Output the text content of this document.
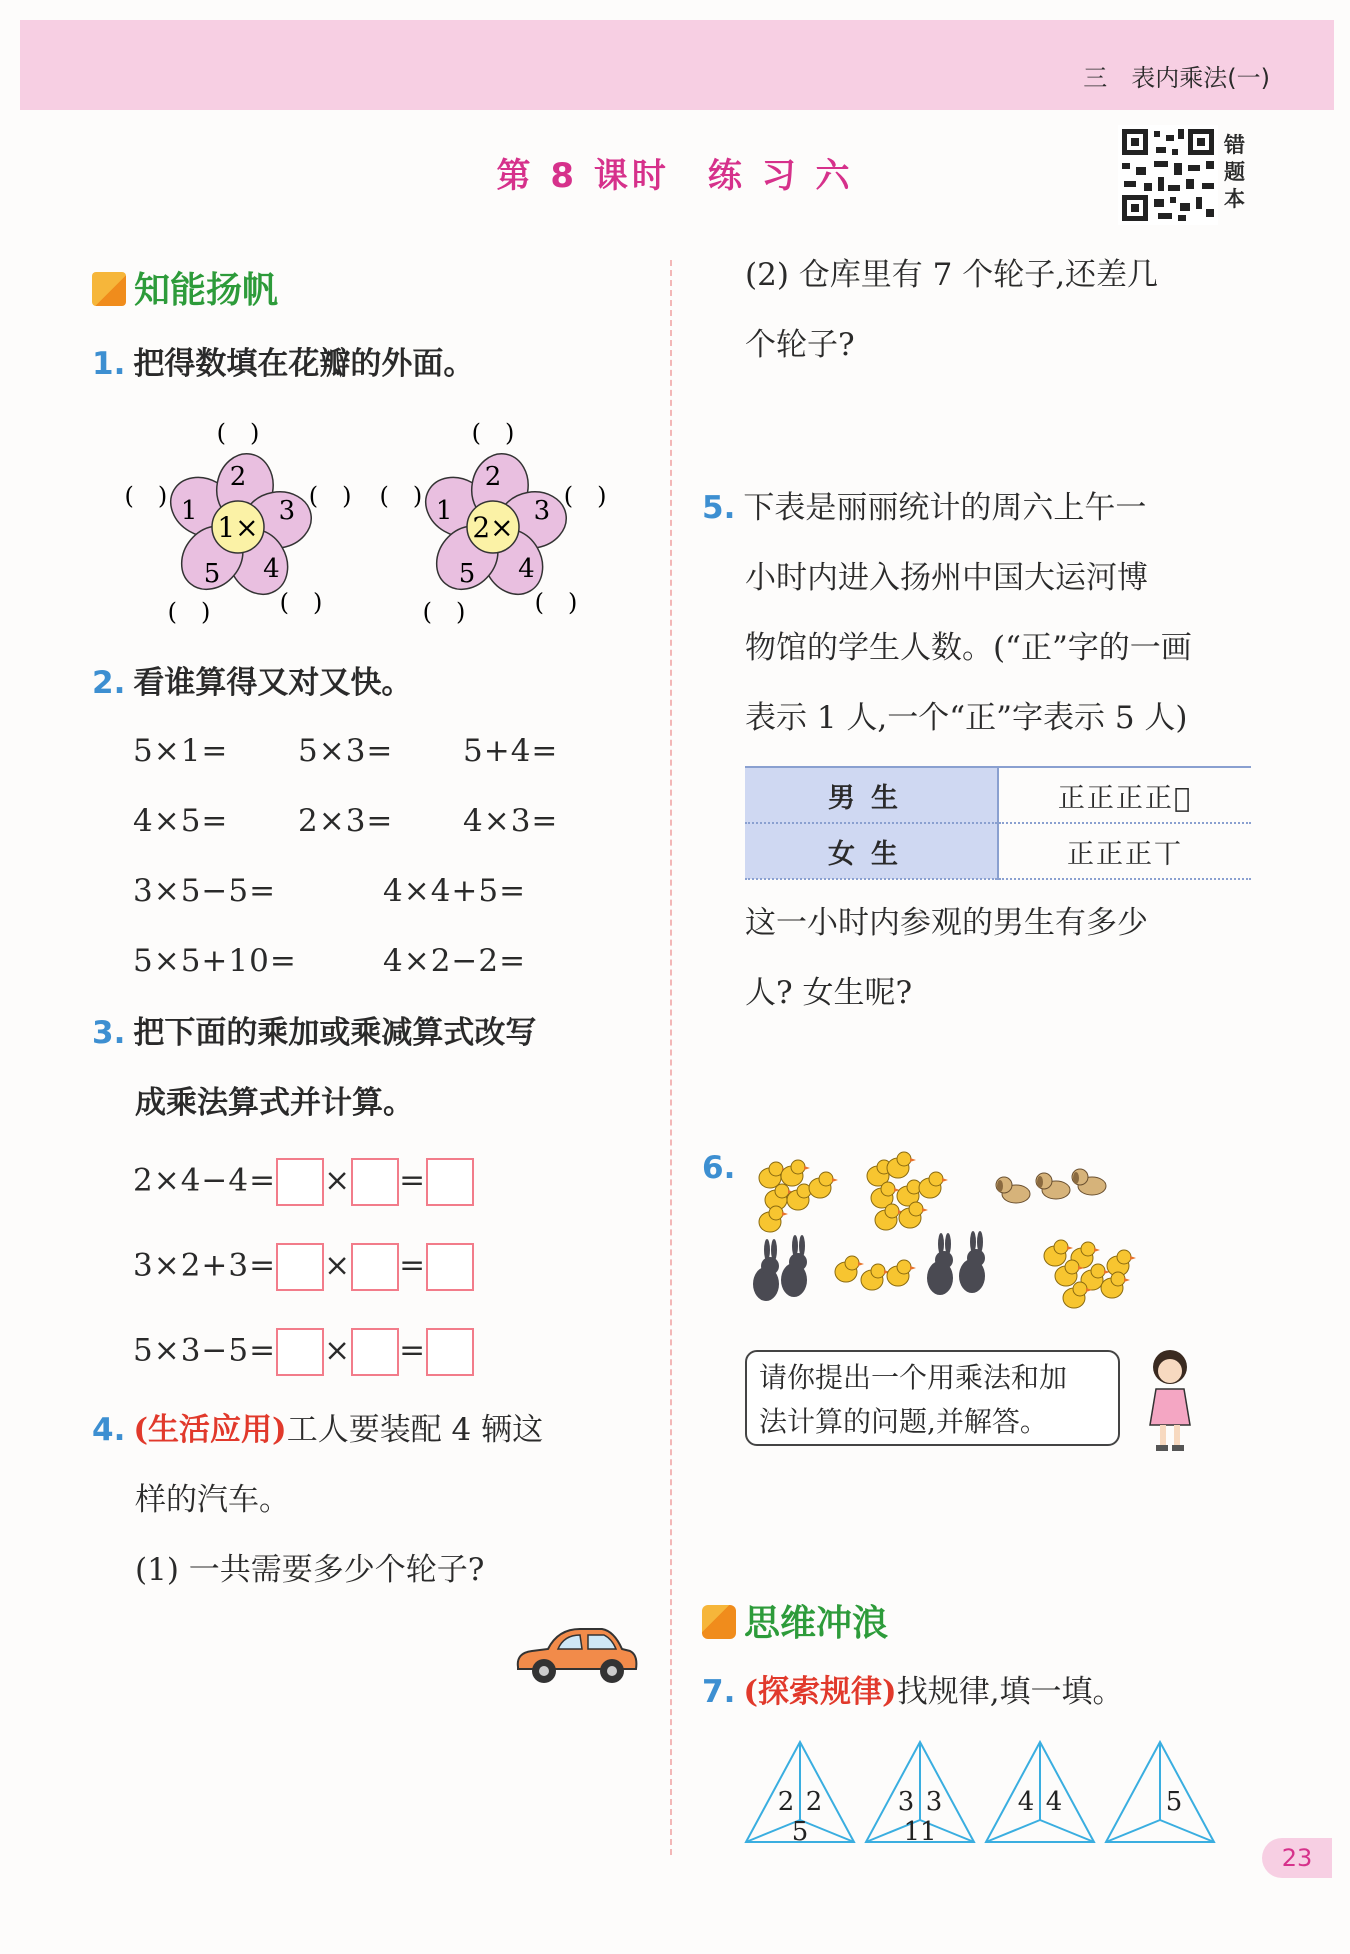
三　表内乘法(一)
第 8 课时　练 习 六
错题本
知能扬帆
1. 把得数填在花瓣的外面。
1×
1
(　)
2
(　)
3
(　)
4
(　)
5
(　)
2×
1
(　)
2
(　)
3
(　)
4
(　)
5
(　)
2. 看谁算得又对又快。
5×1= 5×3= 5+4=
4×5= 2×3= 4×3=
3×5−5=	4×4+5=
5×5+10=	4×2−2=
3. 把下面的乘加或乘减算式改写
成乘法算式并计算。
2×4−4= × =
3×2+3= × =
5×3−5= × =
4. (生活应用)工人要装配 4 辆这
样的汽车。
(1) 一共需要多少个轮子?
(2) 仓库里有 7 个轮子,还差几
个轮子?
5. 下表是丽丽统计的周六上午一
小时内进入扬州中国大运河博
物馆的学生人数。(“正”字的一画
表示 1 人,一个“正”字表示 5 人)
男生	正正正正𠀆
女生	正正正丅
这一小时内参观的男生有多少
人? 女生呢?
6.
请你提出一个用乘法和加
法计算的问题,并解答。
思维冲浪
7. (探索规律)找规律,填一填。
2 2
5
3 3
11
4 4	5
23
